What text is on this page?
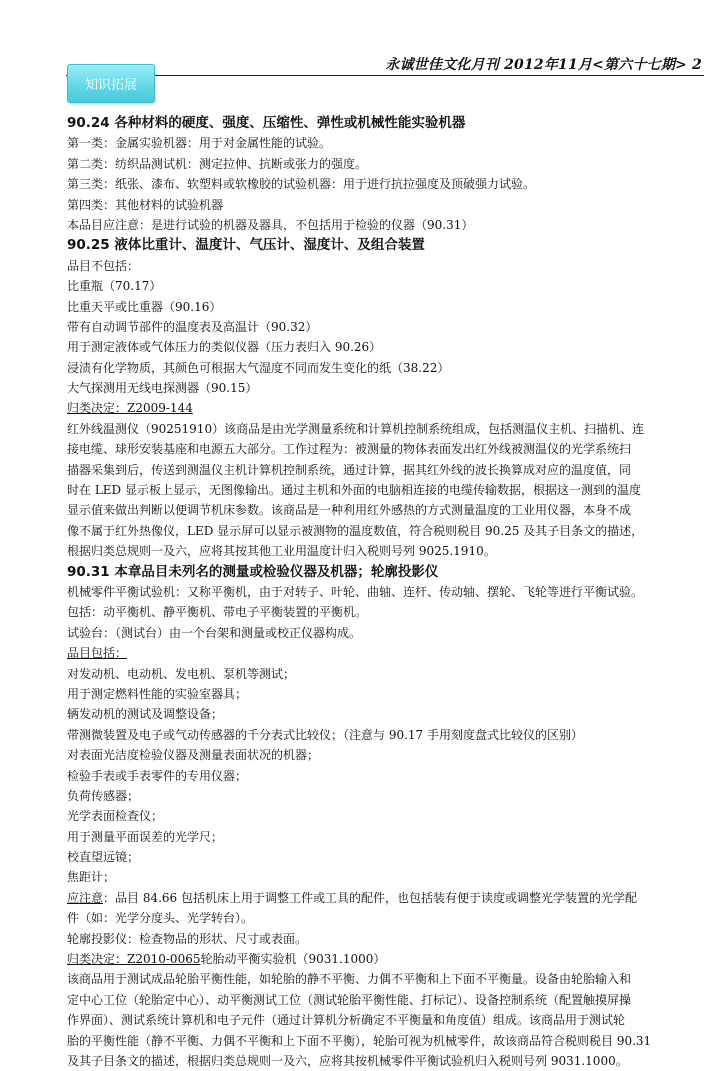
永诚世佳文化月刊 2012年11月<第六十七期> 2
知识拓展
90.24 各种材料的硬度、强度、压缩性、弹性或机械性能实验机器
第一类：金属实验机器：用于对金属性能的试验。
第二类：纺织品测试机：测定拉伸、抗断或张力的强度。
第三类：纸张、漆布、软塑料或软橡胶的试验机器：用于进行抗拉强度及顶破强力试验。
第四类：其他材料的试验机器
本品目应注意：是进行试验的机器及器具，不包括用于检验的仪器（90.31）
90.25 液体比重计、温度计、气压计、湿度计、及组合装置
品目不包括：
比重瓶（70.17）
比重天平或比重器（90.16）
带有自动调节部件的温度表及高温计（90.32）
用于测定液体或气体压力的类似仪器（压力表归入 90.26）
浸渍有化学物质，其颜色可根据大气湿度不同而发生变化的纸（38.22）
大气探测用无线电探测器（90.15）
归类决定：Z2009-144
红外线温测仪（90251910）该商品是由光学测量系统和计算机控制系统组成，包括测温仪主机、扫描机、连
接电缆、球形安装基座和电源五大部分。工作过程为：被测量的物体表面发出红外线被测温仪的光学系统扫
描器采集到后，传送到测温仪主机计算机控制系统，通过计算，据其红外线的波长换算成对应的温度值，同
时在 LED 显示板上显示，无图像输出。通过主机和外面的电脑相连接的电缆传输数据，根据这一测到的温度
显示值来做出判断以便调节机床参数。该商品是一种利用红外感热的方式测量温度的工业用仪器，本身不成
像不属于红外热像仪，LED 显示屏可以显示被测物的温度数值，符合税则税目 90.25 及其子目条文的描述，
根据归类总规则一及六，应将其按其他工业用温度计归入税则号列 9025.1910。
90.31 本章品目未列名的测量或检验仪器及机器；轮廓投影仪
机械零件平衡试验机：又称平衡机，由于对转子、叶轮、曲轴、连杆、传动轴、摆轮、飞轮等进行平衡试验。
包括：动平衡机、静平衡机、带电子平衡装置的平衡机。
试验台：（测试台）由一个台架和测量或校正仪器构成。
品目包括：
对发动机、电动机、发电机、泵机等测试；
用于测定燃料性能的实验室器具；
辆发动机的测试及调整设备；
带测微装置及电子或气动传感器的千分表式比较仪；（注意与 90.17 手用刻度盘式比较仪的区别）
对表面光洁度检验仪器及测量表面状况的机器；
检验手表或手表零件的专用仪器；
负荷传感器；
光学表面检查仪；
用于测量平面误差的光学尺；
校直望远镜；
焦距计；
应注意：品目 84.66 包括机床上用于调整工件或工具的配件，也包括装有便于读度或调整光学装置的光学配
件（如：光学分度头、光学转台）。
轮廓投影仪：检查物品的形状、尺寸或表面。
归类决定：Z2010-0065轮胎动平衡实验机（9031.1000）
该商品用于测试成品轮胎平衡性能，如轮胎的静不平衡、力偶不平衡和上下面不平衡量。设备由轮胎输入和
定中心工位（轮胎定中心）、动平衡测试工位（测试轮胎平衡性能、打标记）、设备控制系统（配置触摸屏操
作界面）、测试系统计算机和电子元件（通过计算机分析确定不平衡量和角度值）组成。该商品用于测试轮
胎的平衡性能（静不平衡、力偶不平衡和上下面不平衡），轮胎可视为机械零件，故该商品符合税则税目 90.31
及其子目条文的描述，根据归类总规则一及六，应将其按机械零件平衡试验机归入税则号列 9031.1000。
